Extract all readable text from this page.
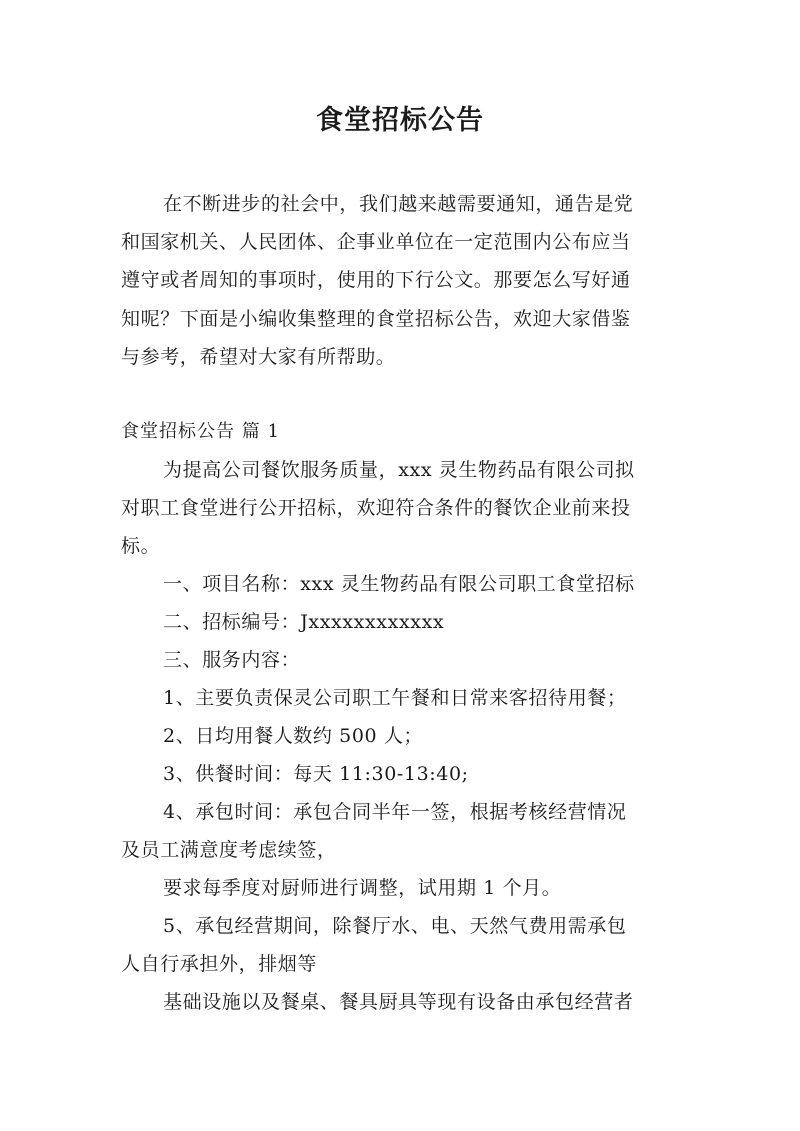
食堂招标公告
在不断进步的社会中，我们越来越需要通知，通告是党
和国家机关、人民团体、企事业单位在一定范围内公布应当
遵守或者周知的事项时，使用的下行公文。那要怎么写好通
知呢？下面是小编收集整理的食堂招标公告，欢迎大家借鉴
与参考，希望对大家有所帮助。
食堂招标公告 篇 1
为提高公司餐饮服务质量，xxx 灵生物药品有限公司拟
对职工食堂进行公开招标，欢迎符合条件的餐饮企业前来投
标。
一、项目名称：xxx 灵生物药品有限公司职工食堂招标
二、招标编号：Jxxxxxxxxxxxx
三、服务内容：
1、主要负责保灵公司职工午餐和日常来客招待用餐；
2、日均用餐人数约 500 人；
3、供餐时间：每天 11:30-13:40;
4、承包时间：承包合同半年一签，根据考核经营情况
及员工满意度考虑续签，
要求每季度对厨师进行调整，试用期 1 个月。
5、承包经营期间，除餐厅水、电、天然气费用需承包
人自行承担外，排烟等
基础设施以及餐桌、餐具厨具等现有设备由承包经营者
